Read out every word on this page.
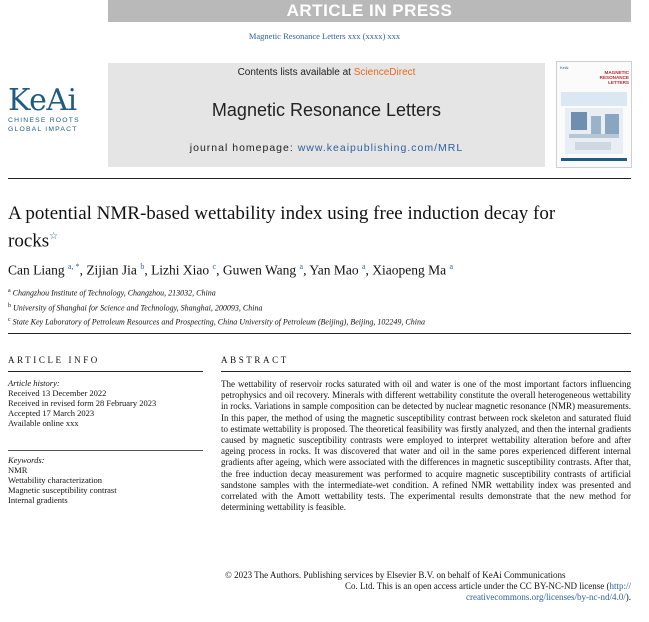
ARTICLE IN PRESS
Magnetic Resonance Letters xxx (xxxx) xxx
KeAi
CHINESE ROOTS
GLOBAL IMPACT
Contents lists available at ScienceDirect
Magnetic Resonance Letters
journal homepage: www.keaipublishing.com/MRL
KeAi
MAGNETIC RESONANCE LETTERS
A potential NMR-based wettability index using free induction decay for rocks☆
Can Liang $^{a, *}$, Zijian Jia $^b$, Lizhi Xiao $^c$, Guwen Wang $^a$, Yan Mao $^a$, Xiaopeng Ma $^a$
$^a$ Changzhou Institute of Technology, Changzhou, 213032, China
$^b$ University of Shanghai for Science and Technology, Shanghai, 200093, China
$^c$ State Key Laboratory of Petroleum Resources and Prospecting, China University of Petroleum (Beijing), Beijing, 102249, China
ARTICLE INFO	ABSTRACT
Article history:
Received 13 December 2022
Received in revised form 28 February 2023
Accepted 17 March 2023
Available online xxx
Keywords:
NMR
Wettability characterization
Magnetic susceptibility contrast
Internal gradients
The wettability of reservoir rocks saturated with oil and water is one of the most important factors influencing petrophysics and oil recovery. Minerals with different wettability constitute the overall heterogeneous wettability in rocks. Variations in sample composition can be detected by nuclear magnetic resonance (NMR) measurements. In this paper, the method of using the magnetic susceptibility contrast between rock skeleton and saturated fluid to estimate wettability is proposed. The theoretical feasibility was firstly analyzed, and then the internal gradients caused by magnetic susceptibility contrasts were employed to interpret wettability alteration before and after ageing process in rocks. It was discovered that water and oil in the same pores experienced different internal gradients after ageing, which were associated with the differences in magnetic susceptibility contrasts. After that, the free induction decay measurement was performed to acquire magnetic susceptibility contrasts of artificial sandstone samples with the intermediate-wet condition. A refined NMR wettability index was presented and correlated with the Amott wettability tests. The experimental results demonstrate that the new method for determining wettability is feasible.
© 2023 The Authors. Publishing services by Elsevier B.V. on behalf of KeAi Communications
Co. Ltd. This is an open access article under the CC BY-NC-ND license (http://
creativecommons.org/licenses/by-nc-nd/4.0/).
